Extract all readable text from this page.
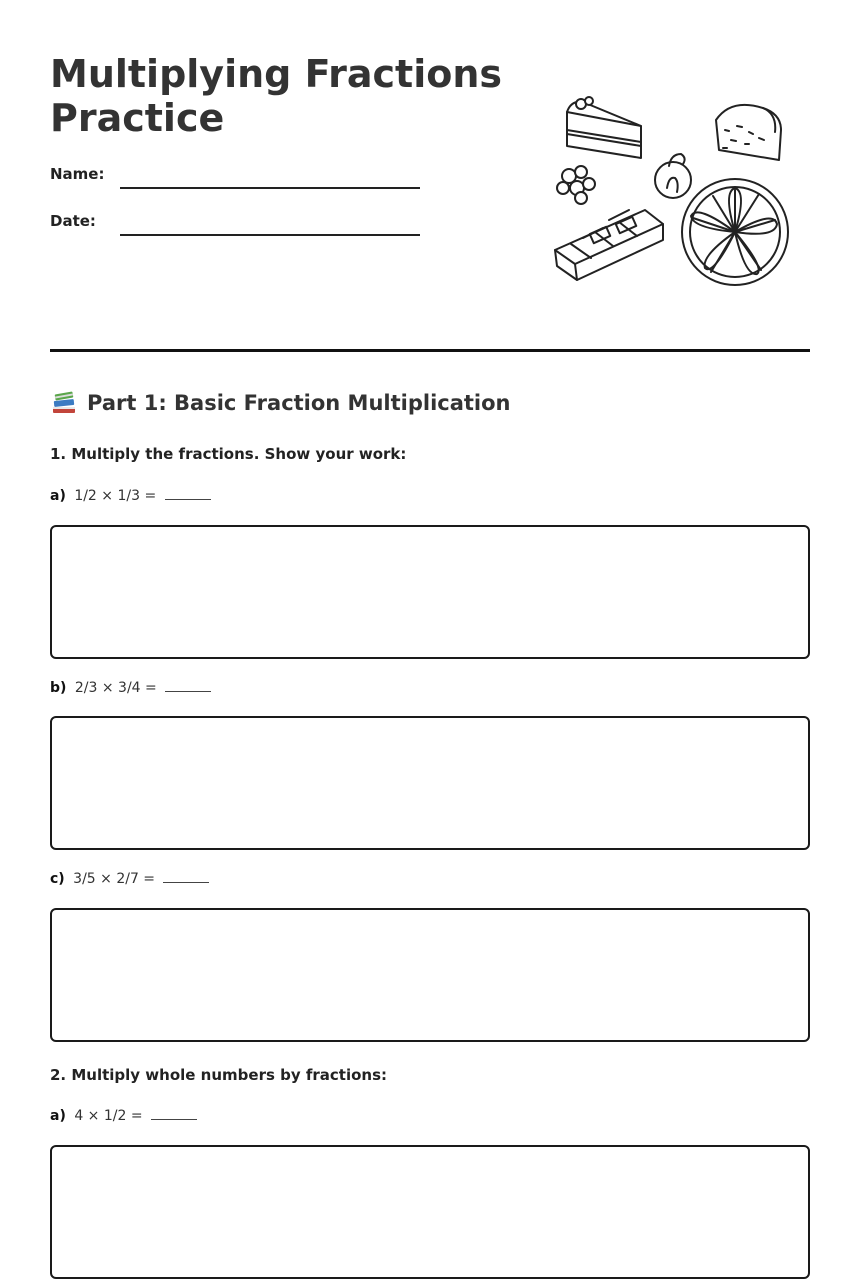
Multiplying Fractions Practice
Name:
Date:
Part 1: Basic Fraction Multiplication
1. Multiply the fractions. Show your work:
a) 1/2 × 1/3 =
b) 2/3 × 3/4 =
c) 3/5 × 2/7 =
2. Multiply whole numbers by fractions:
a) 4 × 1/2 =
